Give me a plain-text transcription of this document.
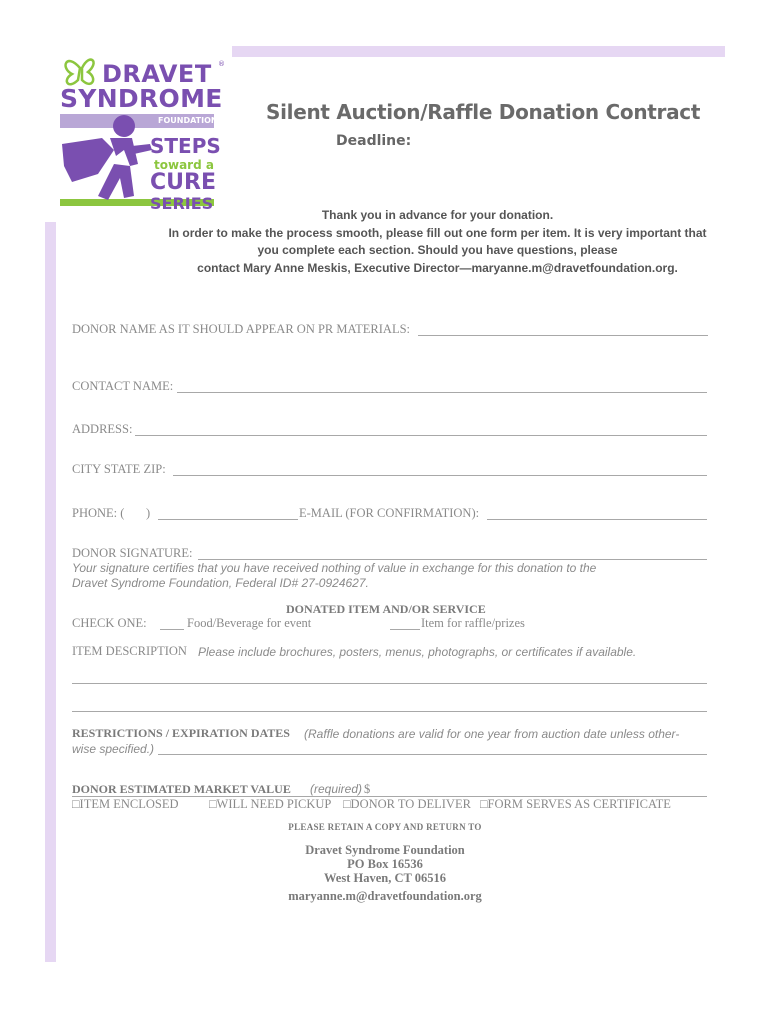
DRAVET ®
SYNDROME
FOUNDATION
STEPS
toward a
CURE
SERIES
Silent Auction/Raffle Donation Contract
Deadline:
Thank you in advance for your donation.
In order to make the process smooth, please fill out one form per item. It is very important that
you complete each section. Should you have questions, please
contact Mary Anne Meskis, Executive Director—maryanne.m@dravetfoundation.org.
DONOR NAME AS IT SHOULD APPEAR ON PR MATERIALS:
CONTACT NAME:
ADDRESS:
CITY STATE ZIP:
PHONE: ( )	E-MAIL (FOR CONFIRMATION):
DONOR SIGNATURE:
Your signature certifies that you have received nothing of value in exchange for this donation to the
Dravet Syndrome Foundation, Federal ID# 27-0924627.
DONATED ITEM AND/OR SERVICE
CHECK ONE:	Food/Beverage for event	Item for raffle/prizes
ITEM DESCRIPTION Please include brochures, posters, menus, photographs, or certificates if available.
RESTRICTIONS / EXPIRATION DATES (Raffle donations are valid for one year from auction date unless other-
wise specified.)
DONOR ESTIMATED MARKET VALUE (required) $
□ITEM ENCLOSED □WILL NEED PICKUP □DONOR TO DELIVER □FORM SERVES AS CERTIFICATE
PLEASE RETAIN A COPY AND RETURN TO
Dravet Syndrome Foundation
PO Box 16536
West Haven, CT 06516
maryanne.m@dravetfoundation.org
